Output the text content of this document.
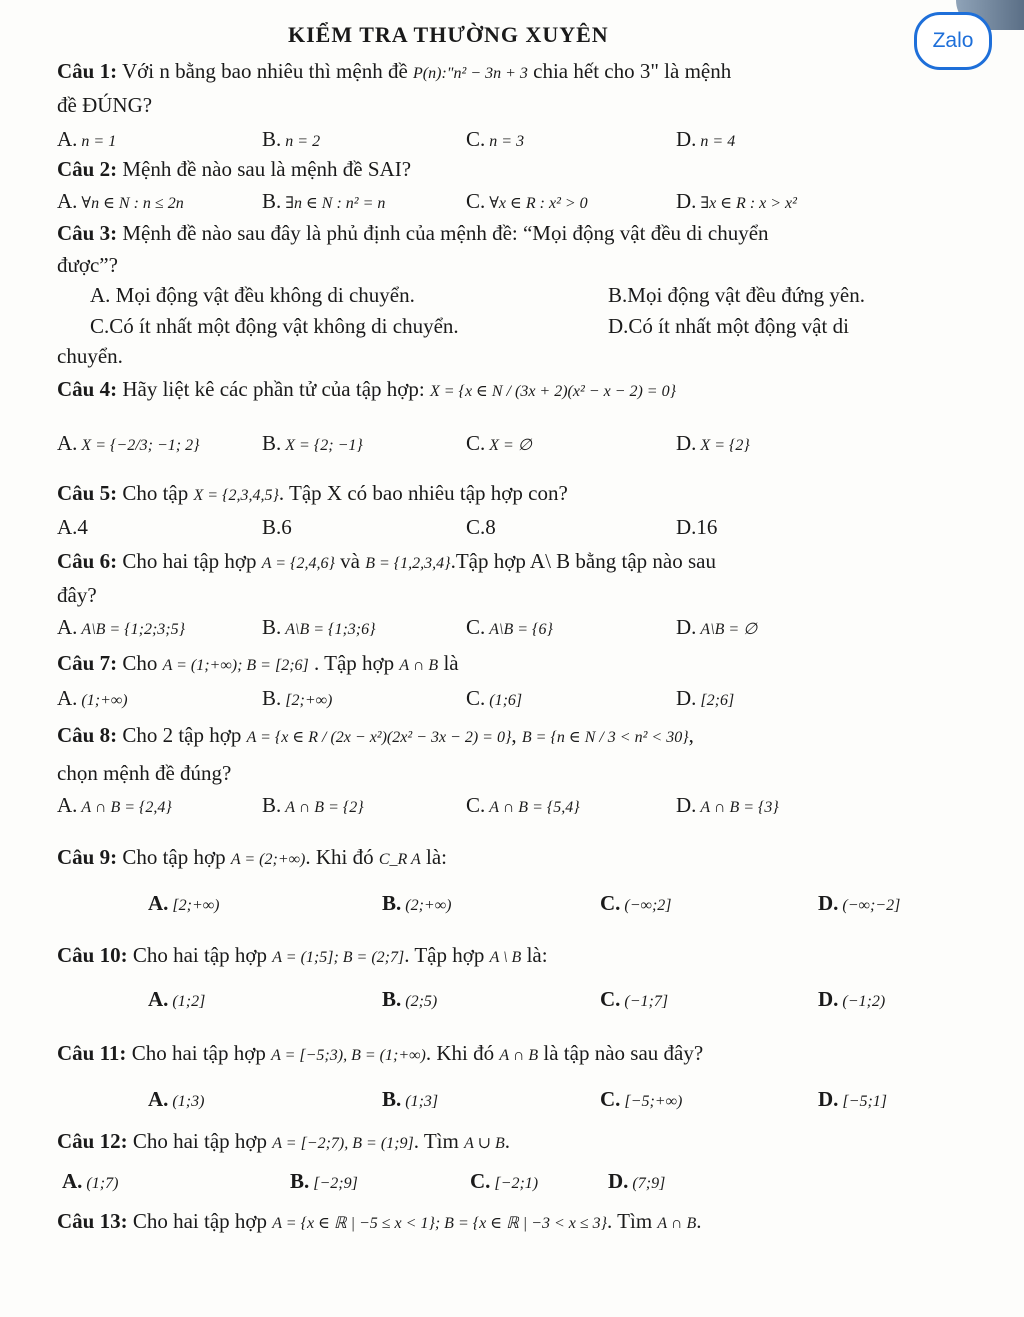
Zalo
KIỂM TRA THƯỜNG XUYÊN
Câu 1: Với n bằng bao nhiêu thì mệnh đề P(n):"n² − 3n + 3 chia hết cho 3" là mệnh
đề ĐÚNG?
A. n = 1	B. n = 2	C. n = 3	D. n = 4
Câu 2: Mệnh đề nào sau là mệnh đề SAI?
A. ∀n ∈ N : n ≤ 2n	B. ∃n ∈ N : n² = n	C. ∀x ∈ R : x² > 0	D. ∃x ∈ R : x > x²
Câu 3: Mệnh đề nào sau đây là phủ định của mệnh đề: “Mọi động vật đều di chuyển
được”?
A. Mọi động vật đều không di chuyển.	B.Mọi động vật đều đứng yên.
C.Có ít nhất một động vật không di chuyển.	D.Có ít nhất một động vật di
chuyển.
Câu 4: Hãy liệt kê các phần tử của tập hợp: X = {x ∈ N / (3x + 2)(x² − x − 2) = 0}
A. X = {−2/3; −1; 2}	B. X = {2; −1}	C. X = ∅	D. X = {2}
Câu 5: Cho tập X = {2,3,4,5}. Tập X có bao nhiêu tập hợp con?
A.4	B.6	C.8	D.16
Câu 6: Cho hai tập hợp A = {2,4,6} và B = {1,2,3,4}.Tập hợp A\ B bằng tập nào sau
đây?
A. A\B = {1;2;3;5}	B. A\B = {1;3;6}	C. A\B = {6}	D. A\B = ∅
Câu 7: Cho A = (1;+∞); B = [2;6] . Tập hợp A ∩ B là
A. (1;+∞)	B. [2;+∞)	C. (1;6]	D. [2;6]
Câu 8: Cho 2 tập hợp A = {x ∈ R / (2x − x²)(2x² − 3x − 2) = 0}, B = {n ∈ N / 3 < n² < 30},
chọn mệnh đề đúng?
A. A ∩ B = {2,4}	B. A ∩ B = {2}	C. A ∩ B = {5,4}	D. A ∩ B = {3}
Câu 9: Cho tập hợp A = (2;+∞). Khi đó C_R A là:
A. [2;+∞)	B. (2;+∞)	C. (−∞;2]	D. (−∞;−2]
Câu 10: Cho hai tập hợp A = (1;5]; B = (2;7]. Tập hợp A \ B là:
A. (1;2]	B. (2;5)	C. (−1;7]	D. (−1;2)
Câu 11: Cho hai tập hợp A = [−5;3), B = (1;+∞). Khi đó A ∩ B là tập nào sau đây?
A. (1;3)	B. (1;3]	C. [−5;+∞)	D. [−5;1]
Câu 12: Cho hai tập hợp A = [−2;7), B = (1;9]. Tìm A ∪ B.
A. (1;7)	B. [−2;9]	C. [−2;1)	D. (7;9]
Câu 13: Cho hai tập hợp A = {x ∈ ℝ | −5 ≤ x < 1}; B = {x ∈ ℝ | −3 < x ≤ 3}. Tìm A ∩ B.
